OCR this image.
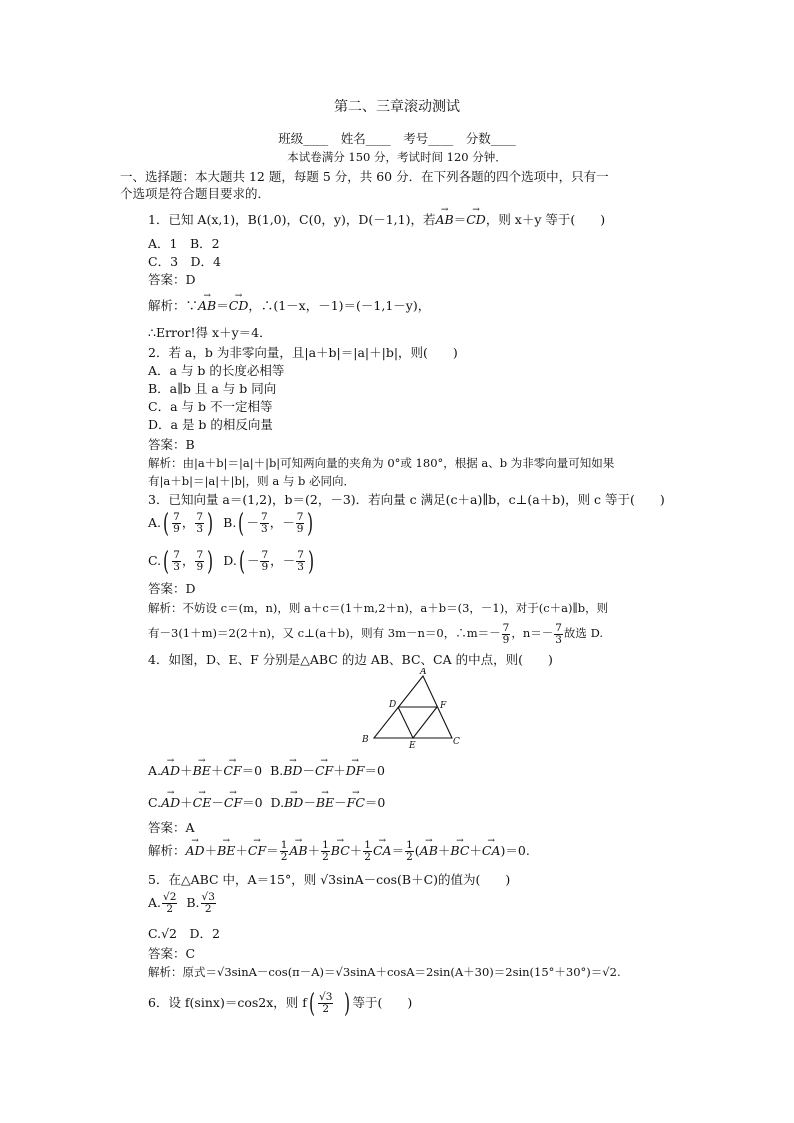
第二、三章滚动测试
班级____　姓名____　考号____　分数____
本试卷满分 150 分，考试时间 120 分钟．
一、选择题：本大题共 12 题，每题 5 分，共 60 分．在下列各题的四个选项中，只有一
个选项是符合题目要求的．
1．已知 A(x,1)，B(1,0)，C(0，y)，D(－1,1)，若→ AB＝→ CD，则 x＋y 等于(　　)
A．1　B．2
C．3　D．4
答案：D
解析：∵→ AB＝→ CD，∴(1－x，－1)＝(－1,1－y)，
∴Error!得 x＋y＝4．
2．若 a，b 为非零向量，且|a＋b|＝|a|＋|b|，则(　　)
A．a 与 b 的长度必相等
B．a∥b 且 a 与 b 同向
C．a 与 b 不一定相等
D．a 是 b 的相反向量
答案：B
解析：由|a＋b|＝|a|＋|b|可知两向量的夹角为 0°或 180°，根据 a、b 为非零向量可知如果
有|a＋b|＝|a|＋|b|，则 a 与 b 必同向．
3．已知向量 a＝(1,2)，b＝(2，－3)．若向量 c 满足(c＋a)∥b，c⊥(a＋b)，则 c 等于(　　)
$A.( \frac{7}{9}$ ， $\frac{7}{3}$ ) $B.( - \frac{7}{3}$ ，－ $\frac{7}{9}$ )
$C.( \frac{7}{3}$ ， $\frac{7}{9}$ ) $D.( - \frac{7}{9}$ ，－ $\frac{7}{3}$ )
答案：D
解析：不妨设 c＝(m，n)，则 a＋c＝(1＋m,2＋n)，a＋b＝(3，－1)，对于(c＋a)∥b，则
有－3(1＋m)＝2(2＋n)，又 c⊥(a＋b)，则有 3m－n＝0，∴m＝－ $\frac{7}{9}$ ，$n=- \frac{7}{3}$ 故选 D.
4．如图，D、E、F 分别是△ABC 的边 AB、BC、CA 的中点，则(　　)
A
B	C
D
E
F
A.→ AD＋→ BE＋→ CF＝0 B.→ BD－→ CF＋→ DF＝0
C.→ AD＋→ CE－→ CF＝0 D.→ BD－→ BE－→ FC＝0
答案：A
解析：→ $AD+\to BE+\to CF= \frac{1}{2}$
→ $AB+ \frac{1}{2}$
→ $BC+ \frac{1}{2}$
→ $CA= \frac{1}{2}$ (→ AB＋→ BC＋→ CA)＝0.
5．在△ABC 中，A＝15°，则 √3sinA－cos(B＋C)的值为(　　)
A. $\frac{√2}{2} B$. $\frac{√3}{2}$
C.√2　D．2
答案：C
解析：原式＝√3sinA－cos(π－A)＝√3sinA＋cosA＝2sin(A＋30)＝2sin(15°＋30°)＝√2.
6．设 f(sinx)＝cos2x，则 $f( \frac{√3}{2}$ ) 等于(　　)
